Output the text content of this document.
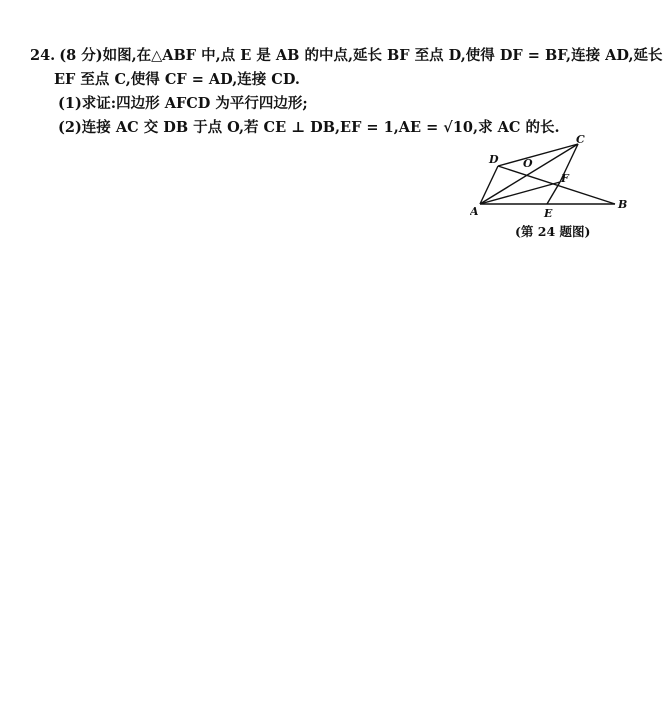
24. (8 分)如图,在△ABF 中,点 E 是 AB 的中点,延长 BF 至点 D,使得 DF = BF,连接 AD,延长
EF 至点 C,使得 CF = AD,连接 CD.
(1)求证:四边形 AFCD 为平行四边形;
(2)连接 AC 交 DB 于点 O,若 CE ⊥ DB,EF = 1,AE = √10,求 AC 的长.
A
B
C
D
E
F
O
(第 24 题图)
